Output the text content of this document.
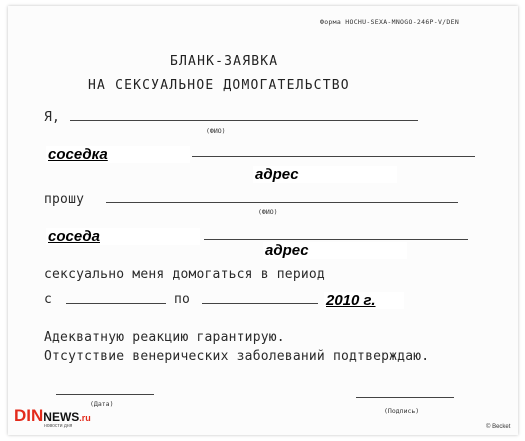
Форма HOCHU-SEXA-MNOGO-246P-V/DEN
БЛАНК-ЗАЯВКА
НА СЕКСУАЛЬНОЕ ДОМОГАТЕЛЬСТВО
Я,
(ФИО)
соседка
адрес
прошу
(ФИО)
соседа
адрес
сексуально меня домогаться в период
с	по	2010 г.
Адекватную реакцию гарантирую.
Отсутствие венерических заболеваний подтверждаю.
(Дата)
(Подпись)
DINNEWS.ru
новости дня	© Becket
